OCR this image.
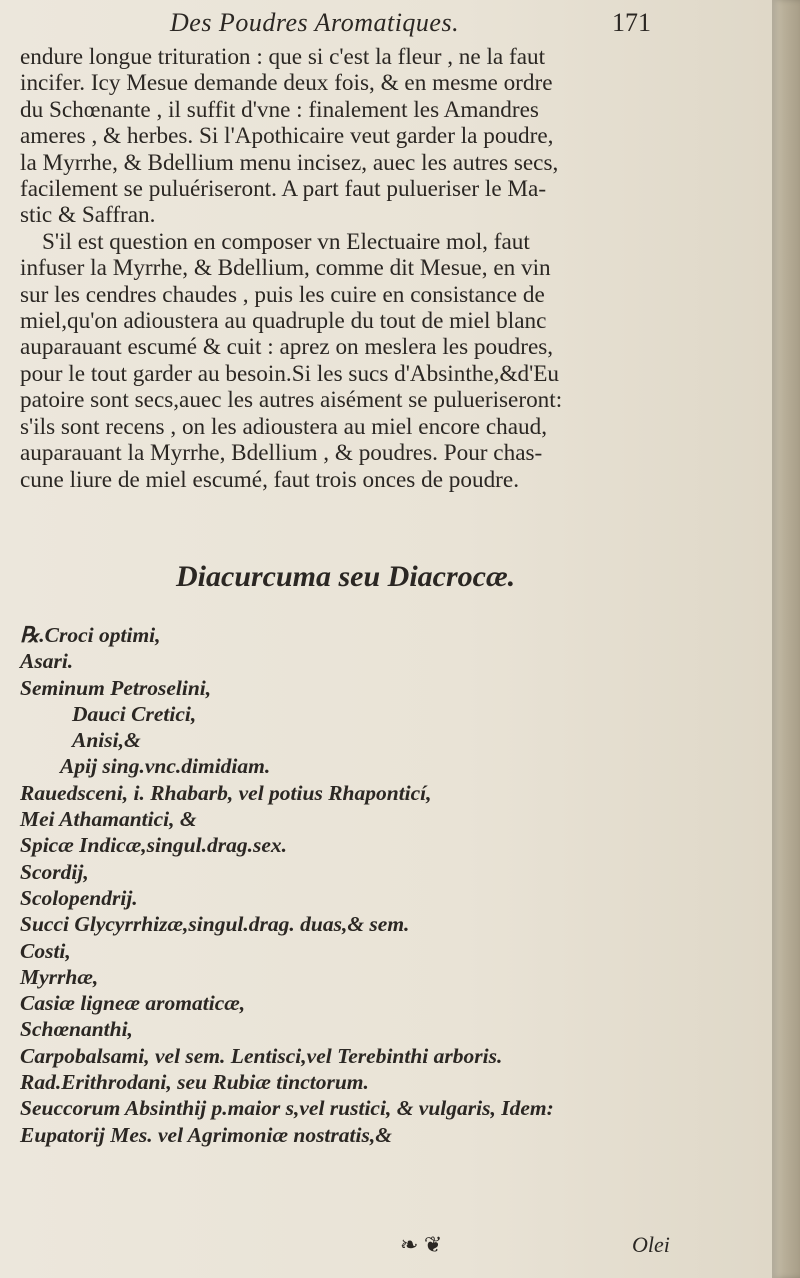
Des Poudres Aromatiques.	171
endure longue trituration : que si c'est la fleur , ne la faut
incifer. Icy Mesue demande deux fois, & en mesme ordre
du Schœnante , il suffit d'vne : finalement les Amandres
ameres , & herbes. Si l'Apothicaire veut garder la poudre,
la Myrrhe, & Bdellium menu incisez, auec les autres secs,
facilement se puluériseront. A part faut pulueriser le Ma-
stic & Saffran.
S'il est question en composer vn Electuaire mol, faut
infuser la Myrrhe, & Bdellium, comme dit Mesue, en vin
sur les cendres chaudes , puis les cuire en consistance de
miel,qu'on adioustera au quadruple du tout de miel blanc
auparauant escumé & cuit : aprez on meslera les poudres,
pour le tout garder au besoin.Si les sucs d'Absinthe,&d'Eu
patoire sont secs,auec les autres aisément se pulueriseront:
s'ils sont recens , on les adioustera au miel encore chaud,
auparauant la Myrrhe, Bdellium , & poudres. Pour chas-
cune liure de miel escumé, faut trois onces de poudre.
Diacurcuma seu Diacrocæ.
℞.Croci optimi,
Asari.
Seminum Petroselini,
Dauci Cretici,
Anisi,&
Apij sing.vnc.dimidiam.
Rauedsceni, i. Rhabarb, vel potius Rhaponticí,
Mei Athamantici, &
Spicæ Indicæ,singul.drag.sex.
Scordij,
Scolopendrij.
Succi Glycyrrhizæ,singul.drag. duas,& sem.
Costi,
Myrrhæ,
Casiæ ligneæ aromaticæ,
Schœnanthi,
Carpobalsami, vel sem. Lentisci,vel Terebinthi arboris.
Rad.Erithrodani, seu Rubiæ tinctorum.
Seuccorum Absinthij p.maior s,vel rustici, & vulgaris, Idem:
Eupatorij Mes. vel Agrimoniæ nostratis,&
❧ ❦	Olei
